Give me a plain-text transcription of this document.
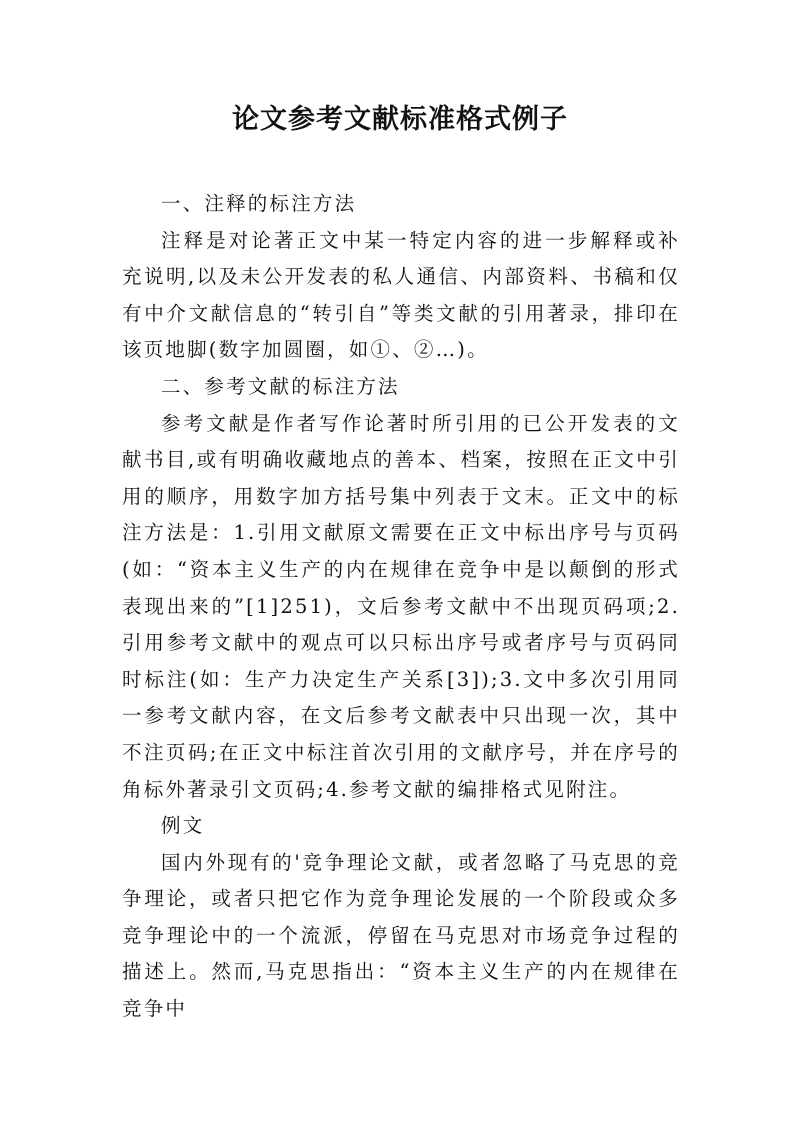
论文参考文献标准格式例子

一、注释的标注方法

注释是对论著正文中某一特定内容的进一步解释或补充说明,以及未公开发表的私人通信、内部资料、书稿和仅有中介文献信息的“转引自”等类文献的引用著录，排印在该页地脚(数字加圆圈，如①、②…)。

二、参考文献的标注方法

参考文献是作者写作论著时所引用的已公开发表的文献书目,或有明确收藏地点的善本、档案，按照在正文中引用的顺序，用数字加方括号集中列表于文末。正文中的标注方法是：1.引用文献原文需要在正文中标出序号与页码(如：“资本主义生产的内在规律在竞争中是以颠倒的形式表现出来的”[1]251)，文后参考文献中不出现页码项;2.引用参考文献中的观点可以只标出序号或者序号与页码同时标注(如：生产力决定生产关系[3]);3.文中多次引用同一参考文献内容，在文后参考文献表中只出现一次，其中不注页码;在正文中标注首次引用的文献序号，并在序号的角标外著录引文页码;4.参考文献的编排格式见附注。

例文

国内外现有的'竞争理论文献，或者忽略了马克思的竞争理论，或者只把它作为竞争理论发展的一个阶段或众多竞争理论中的一个流派，停留在马克思对市场竞争过程的描述上。然而,马克思指出：“资本主义生产的内在规律在竞争中
